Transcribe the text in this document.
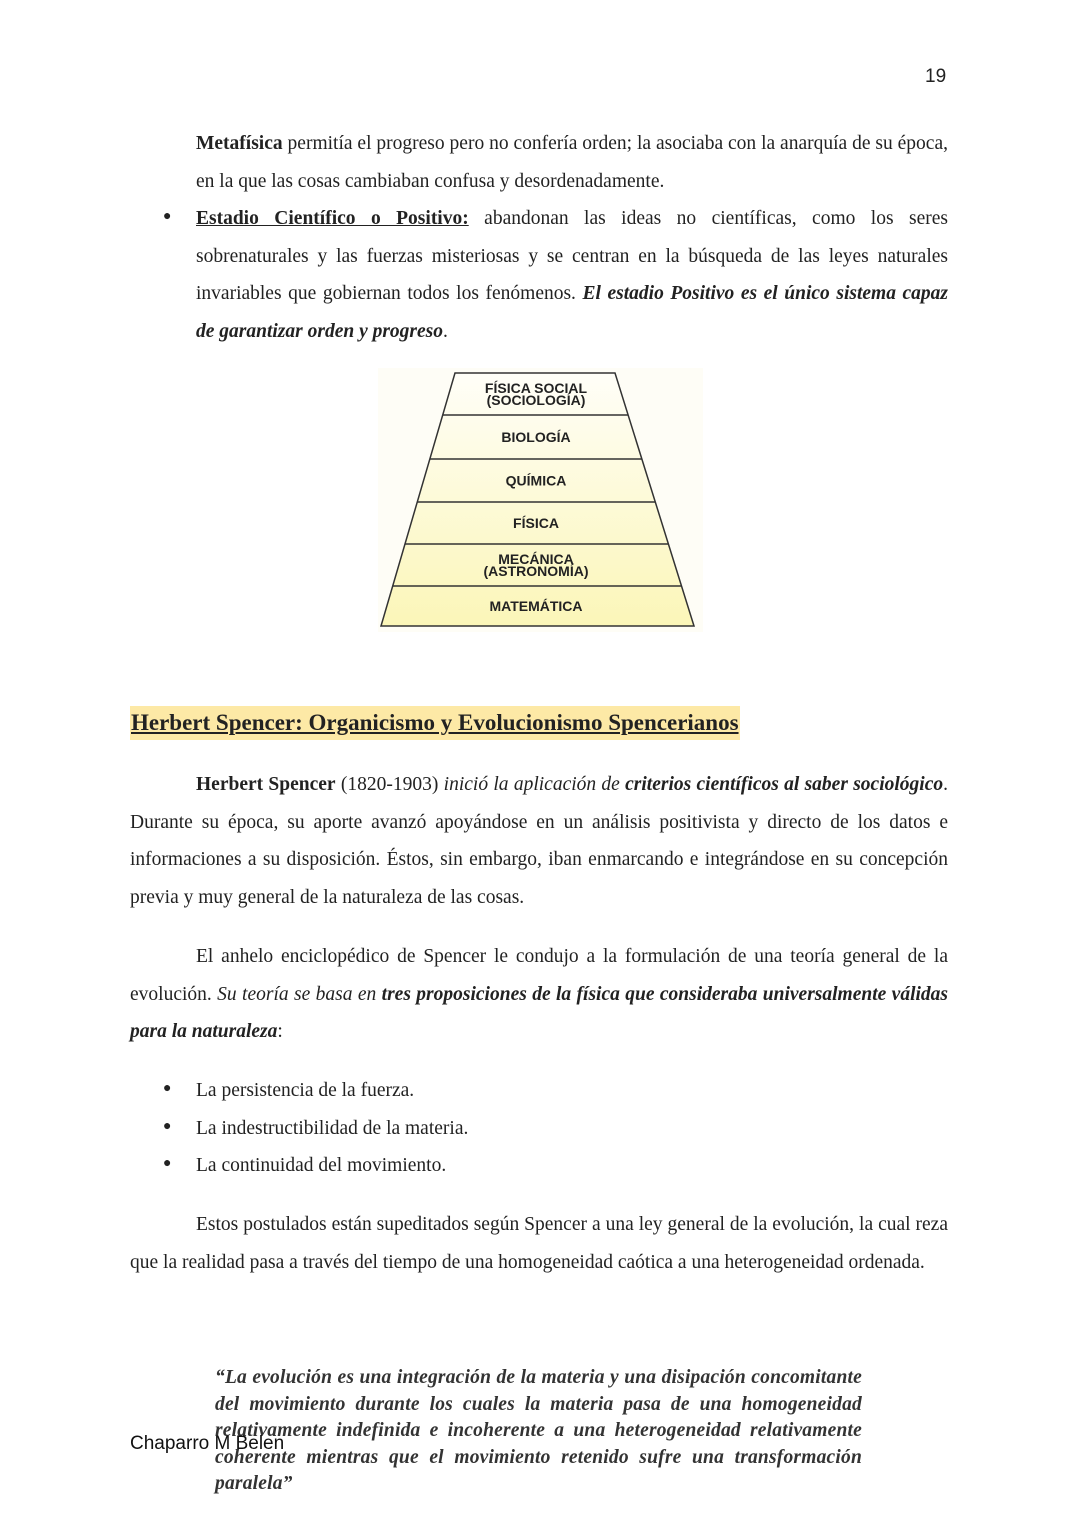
19
Metafísica permitía el progreso pero no confería orden; la asociaba con la anarquía de su época, en la que las cosas cambiaban confusa y desordenadamente.
● Estadio Científico o Positivo: abandonan las ideas no científicas, como los seres sobrenaturales y las fuerzas misteriosas y se centran en la búsqueda de las leyes naturales invariables que gobiernan todos los fenómenos. El estadio Positivo es el único sistema capaz de garantizar orden y progreso.
FÍSICA SOCIAL
(SOCIOLOGÍA)
BIOLOGÍA
QUÍMICA
FÍSICA
MECÁNICA
(ASTRONOMÍA)
MATEMÁTICA
Herbert Spencer: Organicismo y Evolucionismo Spencerianos
Herbert Spencer (1820-1903) inició la aplicación de criterios científicos al saber sociológico. Durante su época, su aporte avanzó apoyándose en un análisis positivista y directo de los datos e informaciones a su disposición. Éstos, sin embargo, iban enmarcando e integrándose en su concepción previa y muy general de la naturaleza de las cosas.
El anhelo enciclopédico de Spencer le condujo a la formulación de una teoría general de la evolución. Su teoría se basa en tres proposiciones de la física que consideraba universalmente válidas para la naturaleza:
● La persistencia de la fuerza.
● La indestructibilidad de la materia.
● La continuidad del movimiento.
Estos postulados están supeditados según Spencer a una ley general de la evolución, la cual reza que la realidad pasa a través del tiempo de una homogeneidad caótica a una heterogeneidad ordenada.
“La evolución es una integración de la materia y una disipación concomitante del movimiento durante los cuales la materia pasa de una homogeneidad relativamente indefinida e incoherente a una heterogeneidad relativamente coherente mientras que el movimiento retenido sufre una transformación paralela”
Chaparro M Belen
